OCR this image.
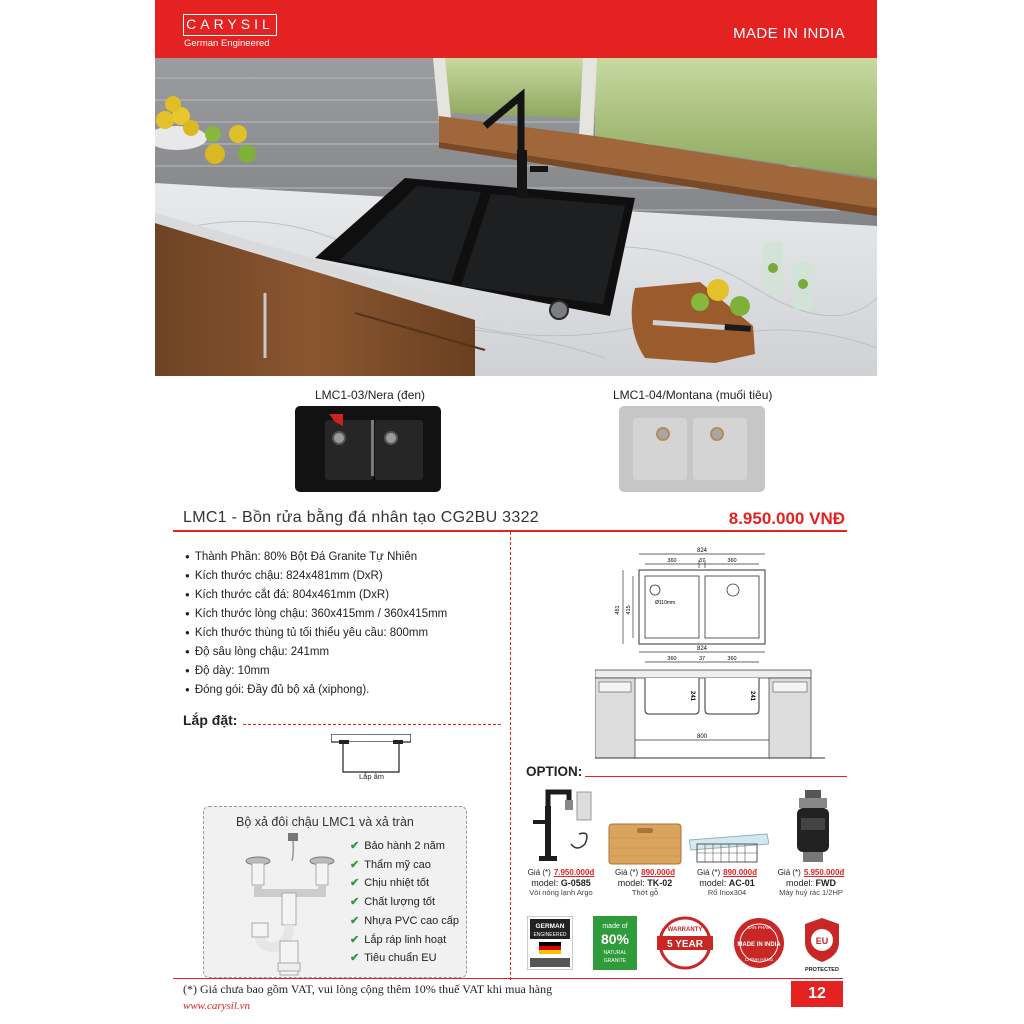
CARYSIL
German Engineered
MADE IN INDIA
LMC1-03/Nera (đen)	LMC1-04/Montana (muối tiêu)
LMC1 - Bồn rửa bằng đá nhân tạo CG2BU 3322	8.950.000 VNĐ
● Thành Phần: 80% Bột Đá Granite Tự Nhiên
● Kích thước chậu: 824x481mm (DxR)
● Kích thước cắt đá: 804x461mm (DxR)
● Kích thước lòng chậu: 360x415mm / 360x415mm
● Kích thước thùng tủ tối thiểu yêu cầu: 800mm
● Độ sâu lòng chậu: 241mm
● Độ dày: 10mm
● Đóng gói: Đầy đủ bộ xả (xiphong).
824
360	37	360
481 415
Ø110mm
824
360	37	360
241	241
800
Lắp đặt:
Lắp âm
Bộ xả đôi chậu LMC1 và xả tràn
✔ Bảo hành 2 năm
✔ Thẩm mỹ cao
✔ Chịu nhiệt tốt
✔ Chất lượng tốt
✔ Nhựa PVC cao cấp
✔ Lắp ráp linh hoạt
✔ Tiêu chuẩn EU
OPTION:
Giá (*) 7.950.000đ
model: G-0585
Vòi nóng lạnh Argo
Giá (*) 890.000đ
model: TK-02
Thớt gỗ
Giá (*) 890.000đ
model: AC-01
Rổ Inox304
Giá (*) 5.950.000đ
model: FWD
Máy huỷ rác 1/2HP
GERMAN
ENGINEERED
made of
80%
NATURAL
GRANITE
WARRANTY
5 YEAR
SẢN PHẨM
MADE IN INDIA
CHÍNH HÃNG
EU
PROTECTED
(*) Giá chưa bao gồm VAT, vui lòng cộng thêm 10% thuế VAT khi mua hàng
www.carysil.vn
12
